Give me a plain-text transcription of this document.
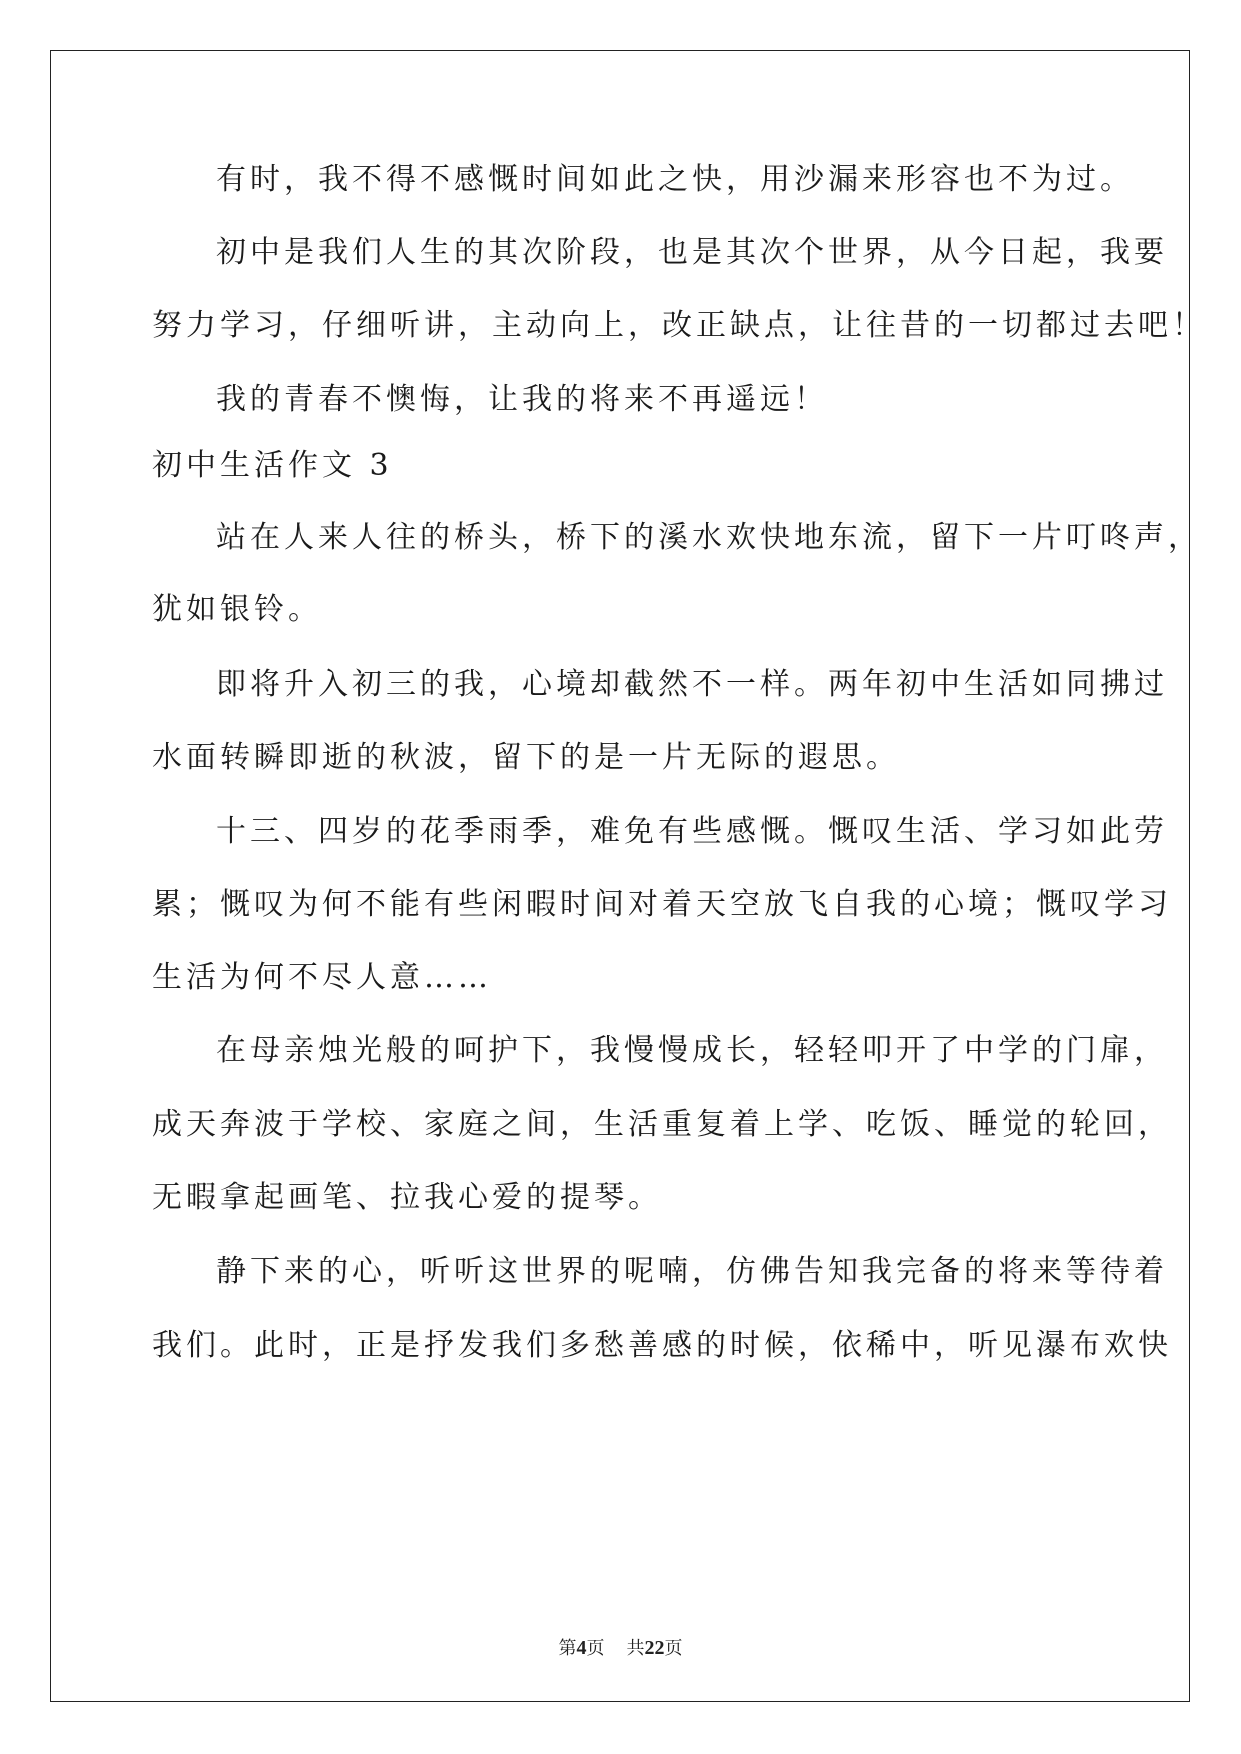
有时，我不得不感慨时间如此之快，用沙漏来形容也不为过。
初中是我们人生的其次阶段，也是其次个世界，从今日起，我要
努力学习，仔细听讲，主动向上，改正缺点，让往昔的一切都过去吧！
我的青春不懊悔，让我的将来不再遥远！
初中生活作文 3
站在人来人往的桥头，桥下的溪水欢快地东流，留下一片叮咚声，
犹如银铃。
即将升入初三的我，心境却截然不一样。两年初中生活如同拂过
水面转瞬即逝的秋波，留下的是一片无际的遐思。
十三、四岁的花季雨季，难免有些感慨。慨叹生活、学习如此劳
累；慨叹为何不能有些闲暇时间对着天空放飞自我的心境；慨叹学习
生活为何不尽人意……
在母亲烛光般的呵护下，我慢慢成长，轻轻叩开了中学的门扉，
成天奔波于学校、家庭之间，生活重复着上学、吃饭、睡觉的轮回，
无暇拿起画笔、拉我心爱的提琴。
静下来的心，听听这世界的呢喃，仿佛告知我完备的将来等待着
我们。此时，正是抒发我们多愁善感的时候，依稀中，听见瀑布欢快
第4页 共22页
